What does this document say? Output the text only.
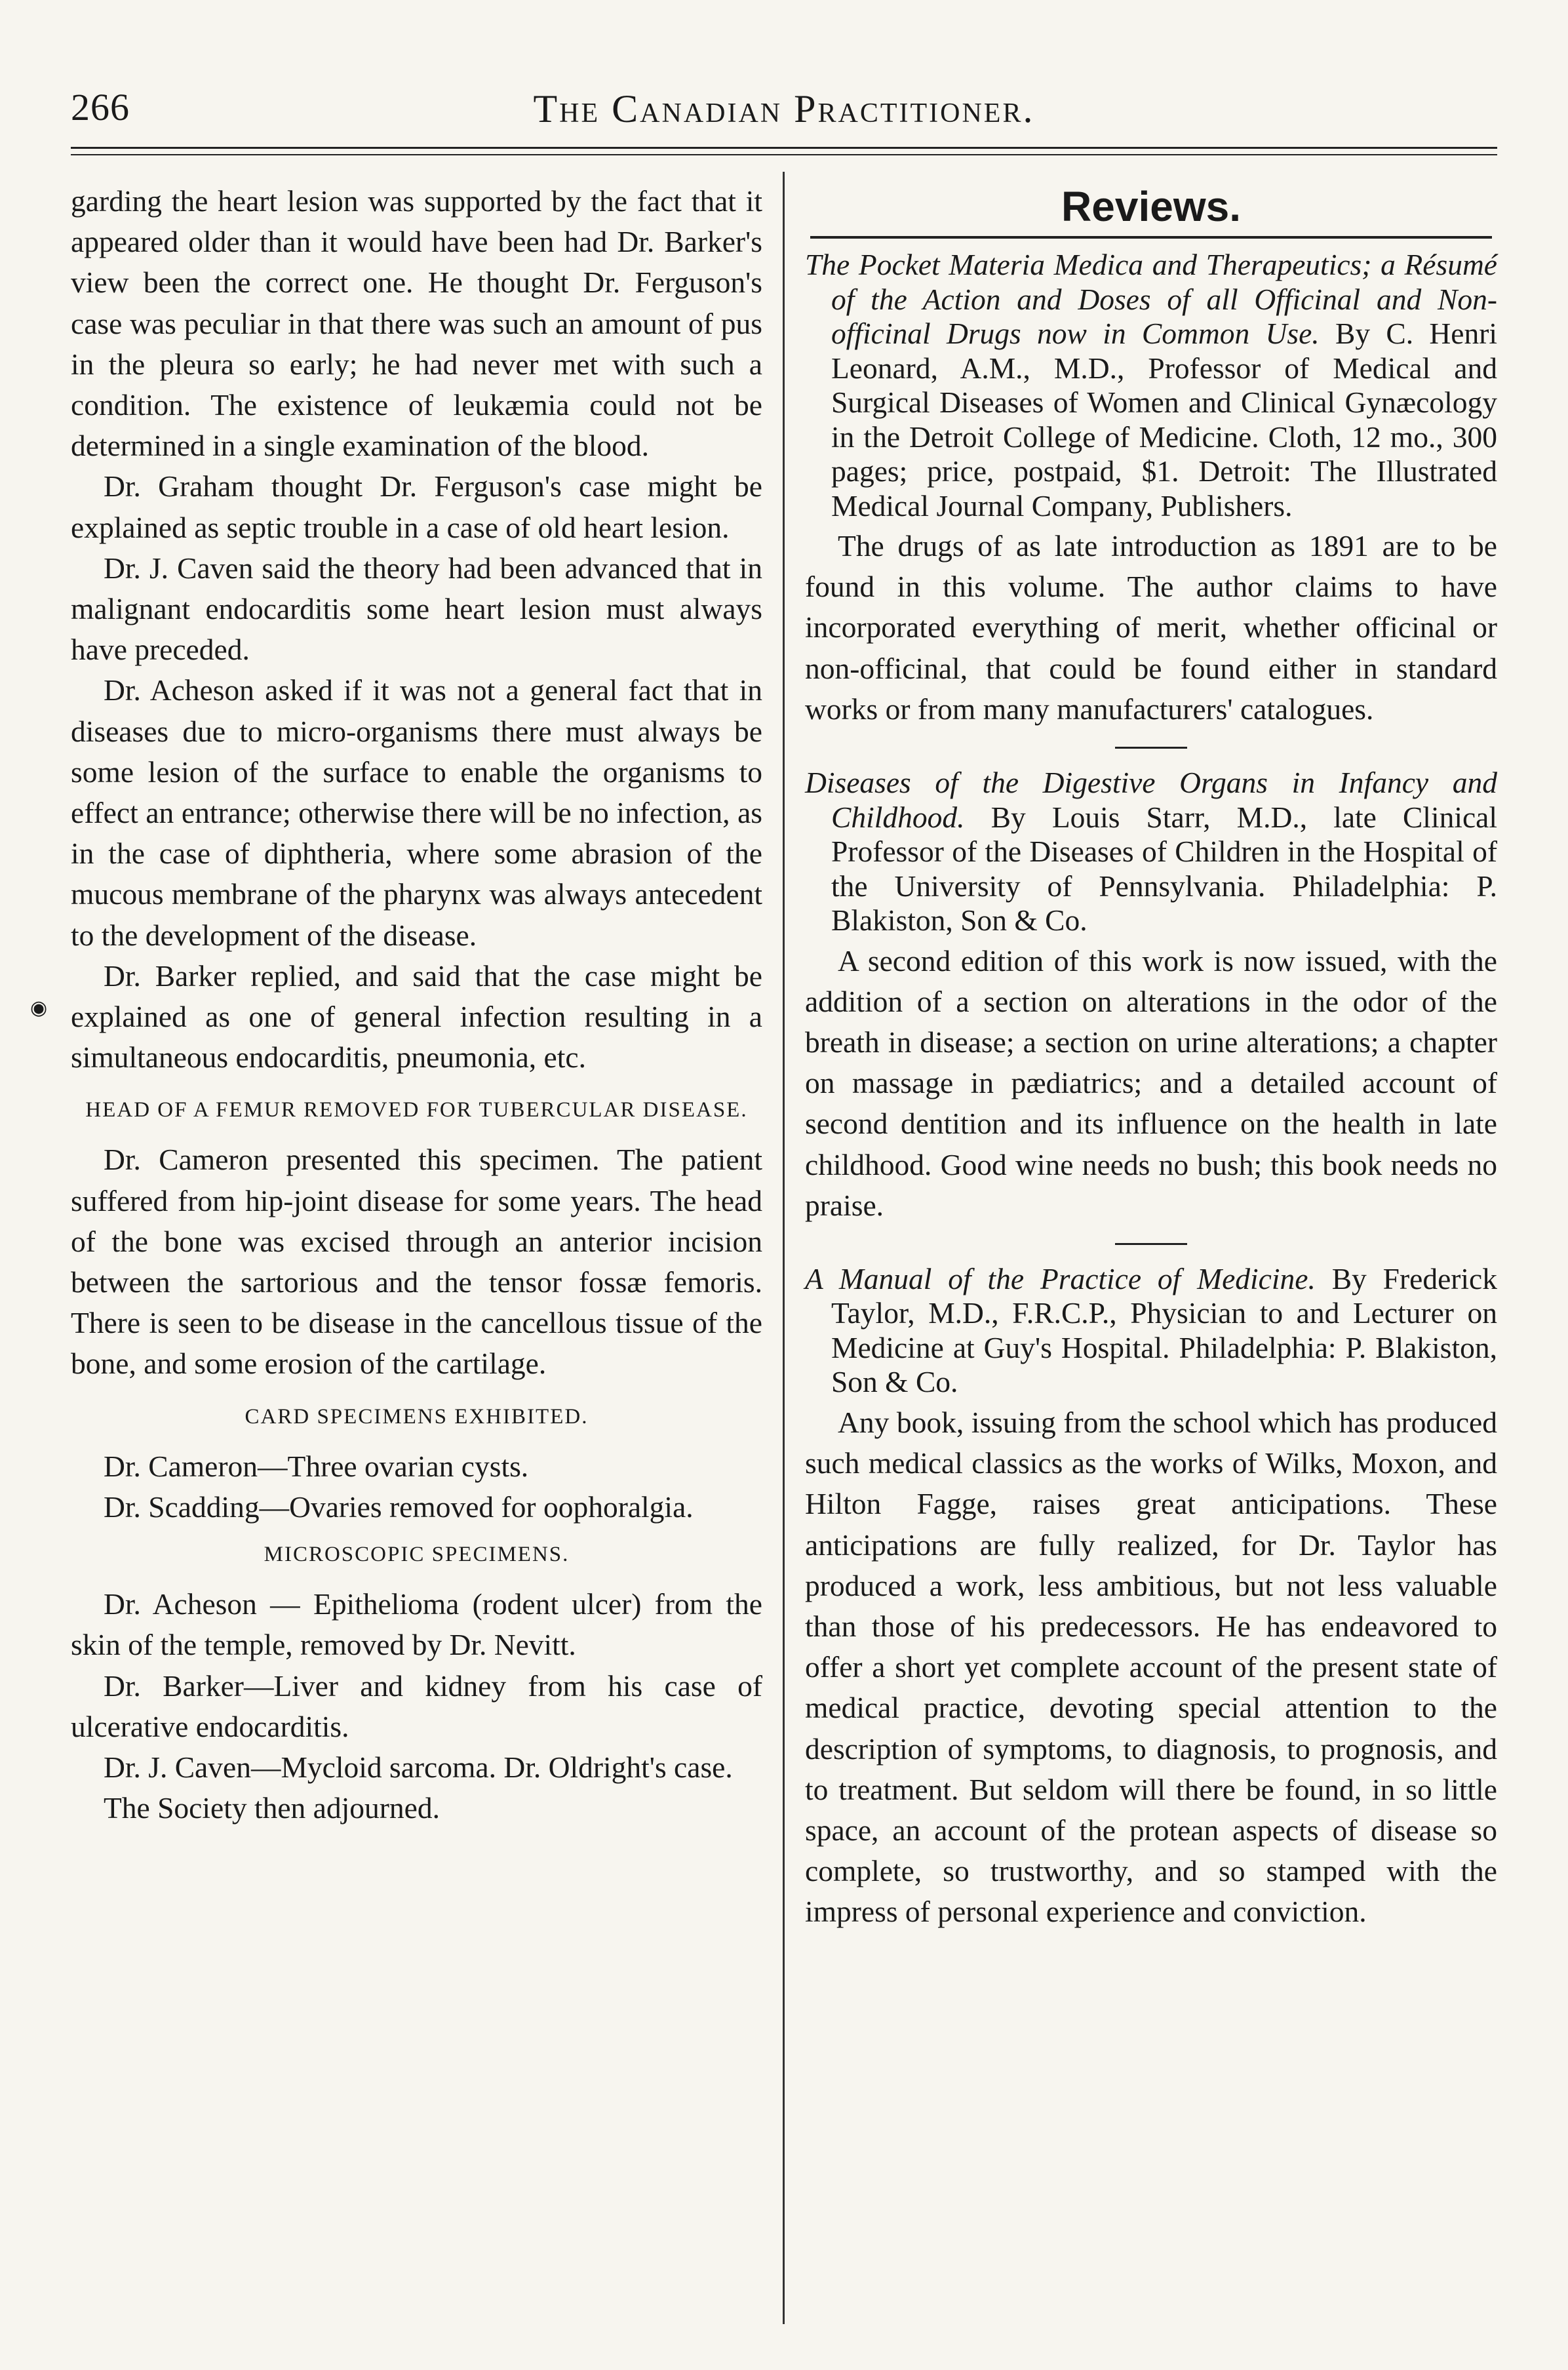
266	The Canadian Practitioner.
◉

garding the heart lesion was supported by the fact that it appeared older than it would have been had Dr. Barker's view been the correct one. He thought Dr. Ferguson's case was peculiar in that there was such an amount of pus in the pleura so early; he had never met with such a condition. The existence of leukæmia could not be determined in a single examination of the blood.

Dr. Graham thought Dr. Ferguson's case might be explained as septic trouble in a case of old heart lesion.

Dr. J. Caven said the theory had been advanced that in malignant endocarditis some heart lesion must always have preceded.

Dr. Acheson asked if it was not a general fact that in diseases due to micro-organisms there must always be some lesion of the surface to enable the organisms to effect an entrance; otherwise there will be no infection, as in the case of diphtheria, where some abrasion of the mucous membrane of the pharynx was always antecedent to the development of the disease.

Dr. Barker replied, and said that the case might be explained as one of general infection resulting in a simultaneous endocarditis, pneumonia, etc.

HEAD OF A FEMUR REMOVED FOR TUBERCULAR DISEASE.

Dr. Cameron presented this specimen. The patient suffered from hip-joint disease for some years. The head of the bone was excised through an anterior incision between the sartorious and the tensor fossæ femoris. There is seen to be disease in the cancellous tissue of the bone, and some erosion of the cartilage.

CARD SPECIMENS EXHIBITED.

Dr. Cameron—Three ovarian cysts.

Dr. Scadding—Ovaries removed for oophoralgia.

MICROSCOPIC SPECIMENS.

Dr. Acheson — Epithelioma (rodent ulcer) from the skin of the temple, removed by Dr. Nevitt.

Dr. Barker—Liver and kidney from his case of ulcerative endocarditis.

Dr. J. Caven—Mycloid sarcoma. Dr. Oldright's case.

The Society then adjourned.

Reviews.

The Pocket Materia Medica and Therapeutics; a Résumé of the Action and Doses of all Officinal and Non-officinal Drugs now in Common Use. By C. Henri Leonard, A.M., M.D., Professor of Medical and Surgical Diseases of Women and Clinical Gynæcology in the Detroit College of Medicine. Cloth, 12 mo., 300 pages; price, postpaid, $1. Detroit: The Illustrated Medical Journal Company, Publishers.

The drugs of as late introduction as 1891 are to be found in this volume. The author claims to have incorporated everything of merit, whether officinal or non-officinal, that could be found either in standard works or from many manufacturers' catalogues.

Diseases of the Digestive Organs in Infancy and Childhood. By Louis Starr, M.D., late Clinical Professor of the Diseases of Children in the Hospital of the University of Pennsylvania. Philadelphia: P. Blakiston, Son & Co.

A second edition of this work is now issued, with the addition of a section on alterations in the odor of the breath in disease; a section on urine alterations; a chapter on massage in pædiatrics; and a detailed account of second dentition and its influence on the health in late childhood. Good wine needs no bush; this book needs no praise.

A Manual of the Practice of Medicine. By Frederick Taylor, M.D., F.R.C.P., Physician to and Lecturer on Medicine at Guy's Hospital. Philadelphia: P. Blakiston, Son & Co.

Any book, issuing from the school which has produced such medical classics as the works of Wilks, Moxon, and Hilton Fagge, raises great anticipations. These anticipations are fully realized, for Dr. Taylor has produced a work, less ambitious, but not less valuable than those of his predecessors. He has endeavored to offer a short yet complete account of the present state of medical practice, devoting special attention to the description of symptoms, to diagnosis, to prognosis, and to treatment. But seldom will there be found, in so little space, an account of the protean aspects of disease so complete, so trustworthy, and so stamped with the impress of personal experience and conviction.
